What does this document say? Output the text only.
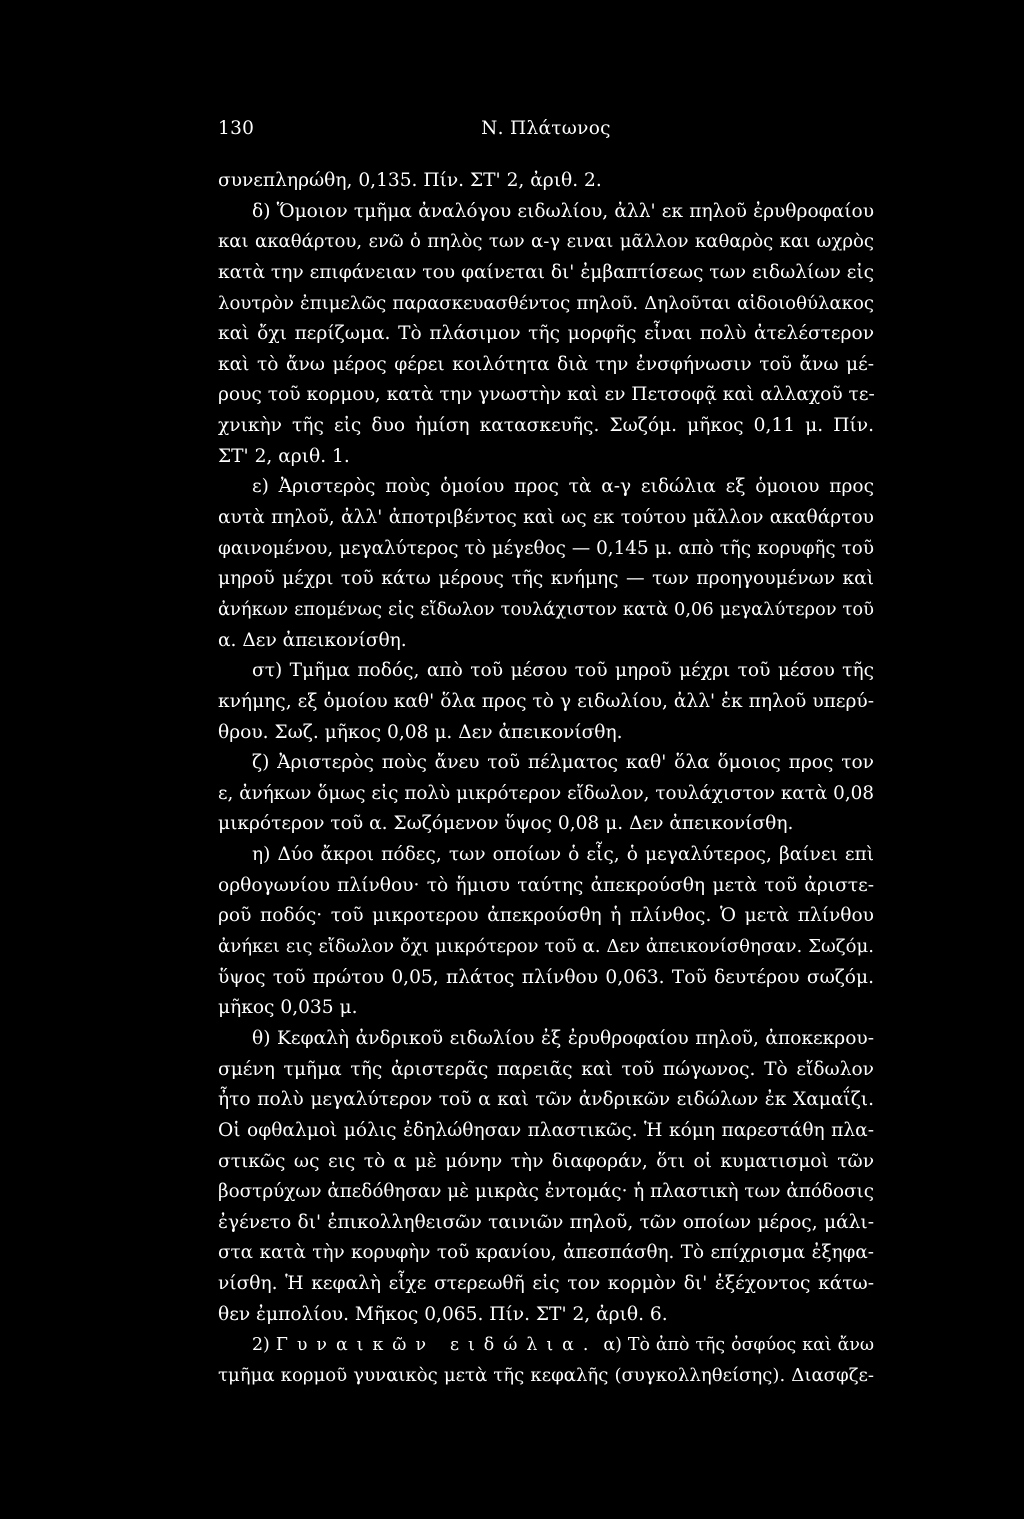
130	Ν. Πλάτωνος
συνεπληρώθη, 0,135. Πίν. ΣΤ' 2, ἀριθ. 2.
δ) Ὅμοιον τμῆμα ἀναλόγου ειδωλίου, ἀλλ' εκ πηλοῦ ἐρυθροφαίου
και ακαθάρτου, ενῶ ὁ πηλὸς των α-γ ειναι μᾶλλον καθαρὸς και ωχρὸς
κατὰ την επιφάνειαν του φαίνεται δι' ἐμβαπτίσεως των ειδωλίων εἰς
λουτρὸν ἐπιμελῶς παρασκευασθέντος πηλοῦ. Δηλοῦται αἰδοιοθύλακος
καὶ ὄχι περίζωμα. Τὸ πλάσιμον τῆς μορφῆς εἶναι πολὺ ἀτελέστερον
καὶ τὸ ἄνω μέρος φέρει κοιλότητα διὰ την ἐνσφήνωσιν τοῦ ἄνω μέ-
ρους τοῦ κορμου, κατὰ την γνωστὴν καὶ εν Πετσοφᾷ καὶ αλλαχοῦ τε-
χνικὴν τῆς εἰς δυο ἡμίση κατασκευῆς. Σωζόμ. μῆκος 0,11 μ. Πίν.
ΣΤ' 2, αριθ. 1.
ε) Ἀριστερὸς ποὺς ὁμοίου προς τὰ α-γ ειδώλια εξ ὁμοιου προς
αυτὰ πηλοῦ, ἀλλ' ἀποτριβέντος καὶ ως εκ τούτου μᾶλλον ακαθάρτου
φαινομένου, μεγαλύτερος τὸ μέγεθος — 0,145 μ. απὸ τῆς κορυφῆς τοῦ
μηροῦ μέχρι τοῦ κάτω μέρους τῆς κνήμης — των προηγουμένων καὶ
ἀνήκων επομένως εἰς εἴδωλον τουλάχιστον κατὰ 0,06 μεγαλύτερον τοῦ
α. Δεν ἀπεικονίσθη.
στ) Τμῆμα ποδός, απὸ τοῦ μέσου τοῦ μηροῦ μέχρι τοῦ μέσου τῆς
κνήμης, εξ ὁμοίου καθ' ὅλα προς τὸ γ ειδωλίου, ἀλλ' ἐκ πηλοῦ υπερύ-
θρου. Σωζ. μῆκος 0,08 μ. Δεν ἀπεικονίσθη.
ζ) Ἀριστερὸς ποὺς ἄνευ τοῦ πέλματος καθ' ὅλα ὅμοιος προς τον
ε, ἀνήκων ὅμως εἰς πολὺ μικρότερον εἴδωλον, τουλάχιστον κατὰ 0,08
μικρότερον τοῦ α. Σωζόμενον ὕψος 0,08 μ. Δεν ἀπεικονίσθη.
η) Δύο ἄκροι πόδες, των οποίων ὁ εἷς, ὁ μεγαλύτερος, βαίνει επὶ
ορθογωνίου πλίνθου· τὸ ἥμισυ ταύτης ἀπεκρούσθη μετὰ τοῦ ἀριστε-
ροῦ ποδός· τοῦ μικροτερου ἀπεκρούσθη ἡ πλίνθος. Ὁ μετὰ πλίνθου
ἀνήκει εις εἴδωλον ὄχι μικρότερον τοῦ α. Δεν ἀπεικονίσθησαν. Σωζόμ.
ὕψος τοῦ πρώτου 0,05, πλάτος πλίνθου 0,063. Τοῦ δευτέρου σωζόμ.
μῆκος 0,035 μ.
θ) Κεφαλὴ ἀνδρικοῦ ειδωλίου ἐξ ἐρυθροφαίου πηλοῦ, ἀποκεκρου-
σμένη τμῆμα τῆς ἀριστερᾶς παρειᾶς καὶ τοῦ πώγωνος. Τὸ εἴδωλον
ἦτο πολὺ μεγαλύτερον τοῦ α καὶ τῶν ἀνδρικῶν ειδώλων ἐκ Χαμαΐζι.
Οἱ οφθαλμοὶ μόλις ἐδηλώθησαν πλαστικῶς. Ἡ κόμη παρεστάθη πλα-
στικῶς ως εις τὸ α μὲ μόνην τὴν διαφοράν, ὅτι οἱ κυματισμοὶ τῶν
βοστρύχων ἀπεδόθησαν μὲ μικρὰς ἐντομάς· ἡ πλαστικὴ των ἀπόδοσις
ἐγένετο δι' ἐπικολληθεισῶν ταινιῶν πηλοῦ, τῶν οποίων μέρος, μάλι-
στα κατὰ τὴν κορυφὴν τοῦ κρανίου, ἀπεσπάσθη. Τὸ επίχρισμα ἐξηφα-
νίσθη. Ἡ κεφαλὴ εἶχε στερεωθῆ εἰς τον κορμὸν δι' ἐξέχοντος κάτω-
θεν ἐμπολίου. Μῆκος 0,065. Πίν. ΣΤ' 2, ἀριθ. 6.
2) Γυναικῶν ειδώλια. α) Τὸ ἀπὸ τῆς ὀσφύος καὶ ἄνω
τμῆμα κορμοῦ γυναικὸς μετὰ τῆς κεφαλῆς (συγκολληθείσης). Διασφζε-
